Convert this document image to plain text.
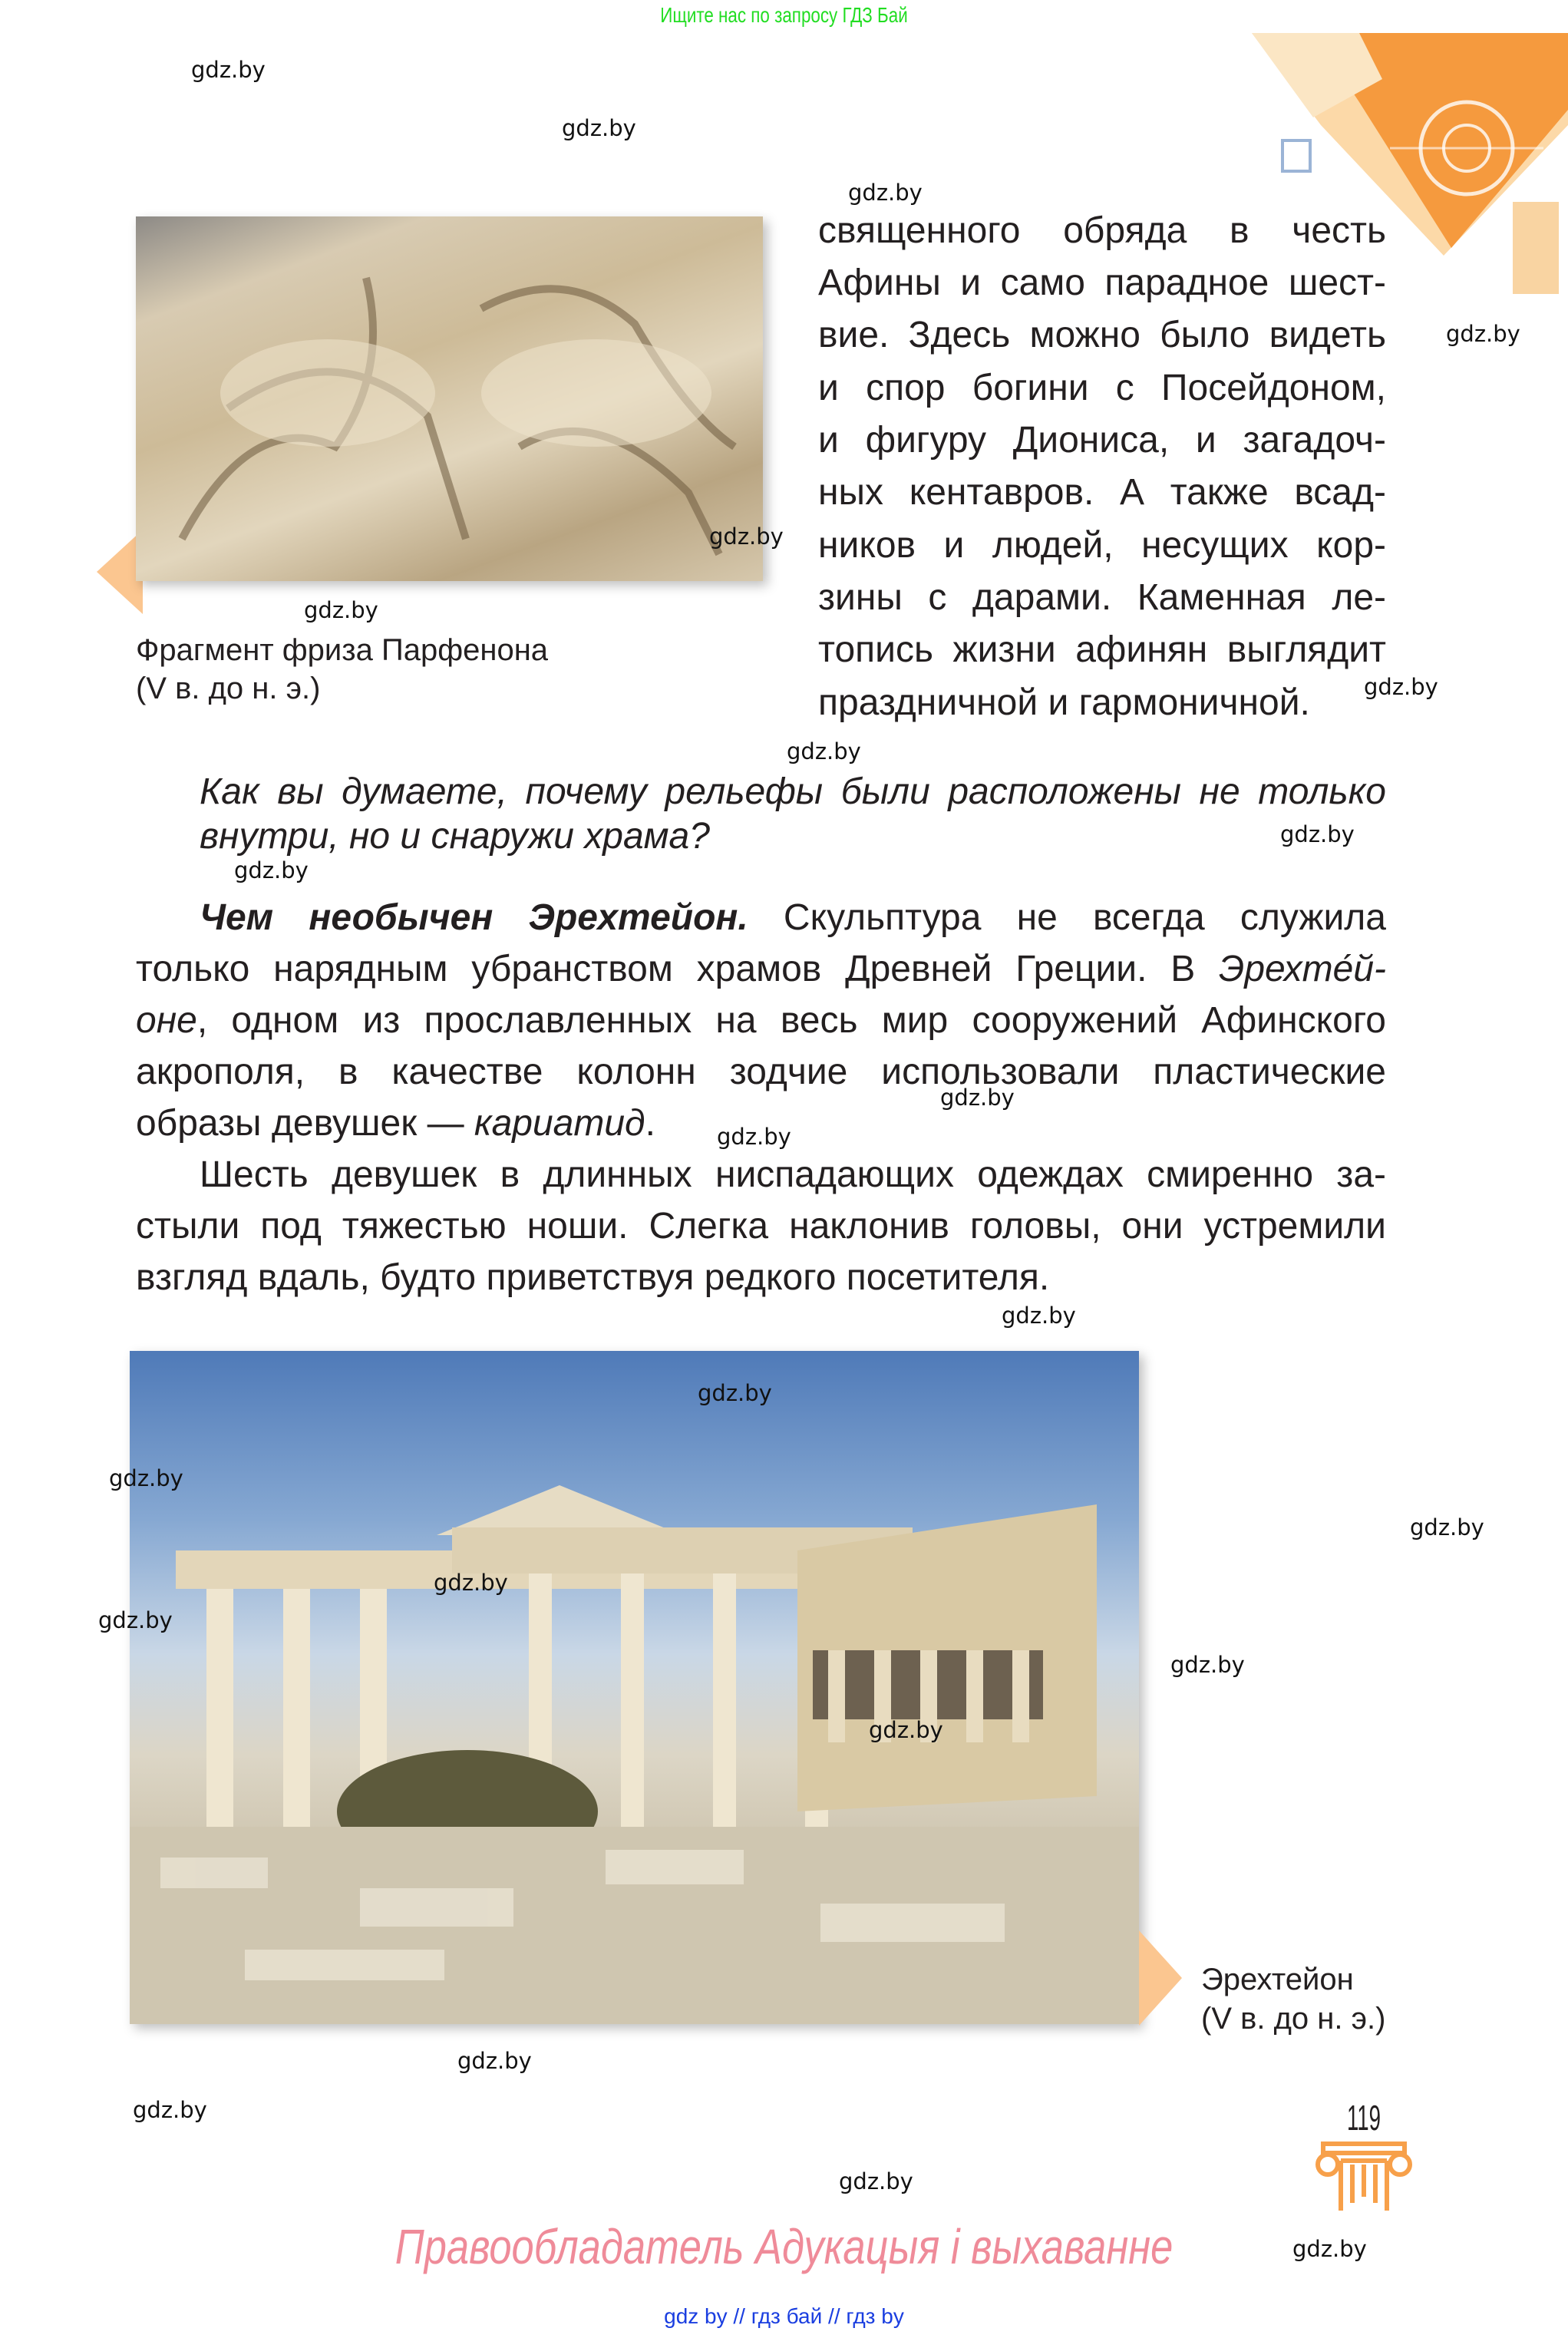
Ищите нас по запросу ГДЗ Бай
Фрагмент фриза Парфенона
(V в. до н. э.)
священного обряда в честь
Афины и само парадное шест-
вие. Здесь можно было видеть
и спор богини с Посейдоном,
и фигуру Диониса, и загадоч-
ных кентавров. А также всад-
ников и людей, несущих кор-
зины с дарами. Каменная ле-
топись жизни афинян выглядит
праздничной и гармоничной.
Как вы думаете, почему рельефы были расположены не только
внутри, но и снаружи храма?
Чем необычен Эрехтейон. Скульптура не всегда служила
только нарядным убранством храмов Древней Греции. В Эрехте́й-
оне, одном из прославленных на весь мир сооружений Афинского
акрополя, в качестве колонн зодчие использовали пластические
образы девушек — кариатид.
Шесть девушек в длинных ниспадающих одеждах смиренно за-
стыли под тяжестью ноши. Слегка наклонив головы, они устремили
взгляд вдаль, будто приветствуя редкого посетителя.
Эрехтейон
(V в. до н. э.)
119
Правообладатель Адукацыя і выхаванне
gdz by // гдз бай // гдз by
gdz.by
gdz.by
gdz.by
gdz.by
gdz.by
gdz.by
gdz.by
gdz.by
gdz.by
gdz.by
gdz.by
gdz.by
gdz.by
gdz.by
gdz.by
gdz.by
gdz.by
gdz.by
gdz.by
gdz.by
gdz.by
gdz.by
gdz.by
gdz.by
